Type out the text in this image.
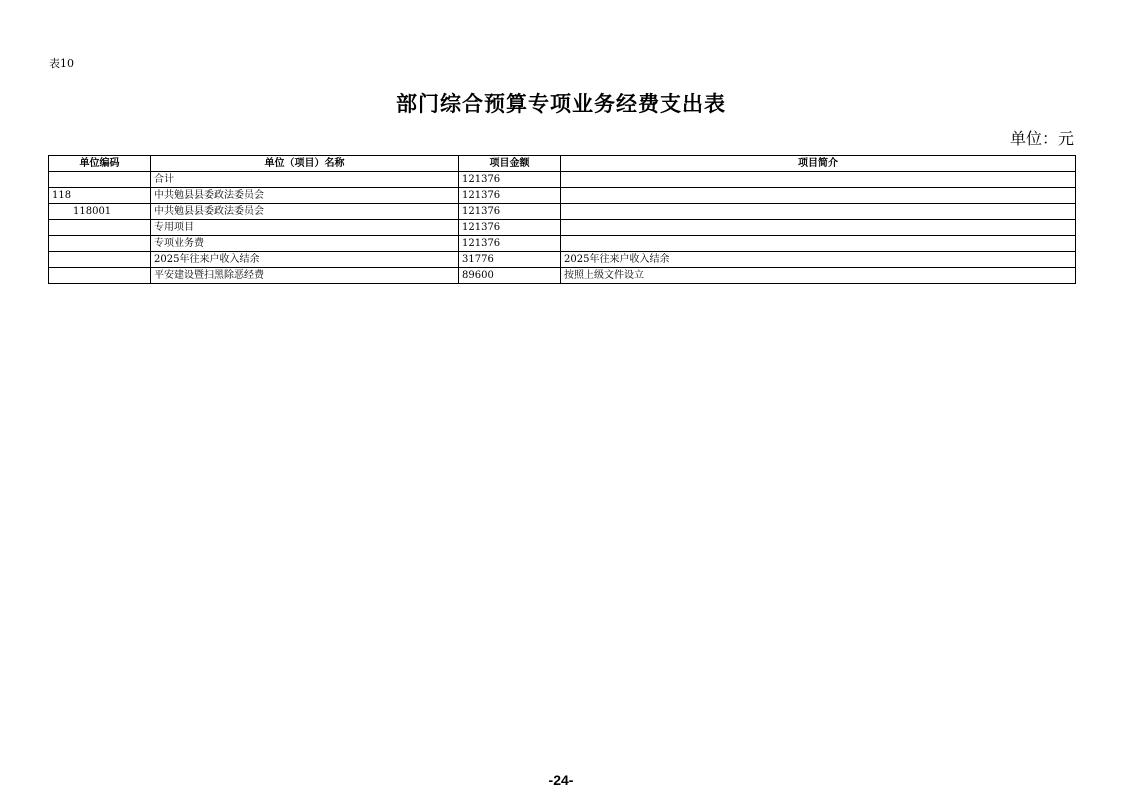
表10
部门综合预算专项业务经费支出表
单位：元
单位编码	单位（项目）名称	项目金额	项目简介
	合计	121376	
118	中共勉县县委政法委员会	121376	
118001	中共勉县县委政法委员会	121376	
	专用项目	121376	
	专项业务费	121376	
	2025年往来户收入结余	31776	2025年往来户收入结余
	平安建设暨扫黑除恶经费	89600	按照上级文件设立
-24-
